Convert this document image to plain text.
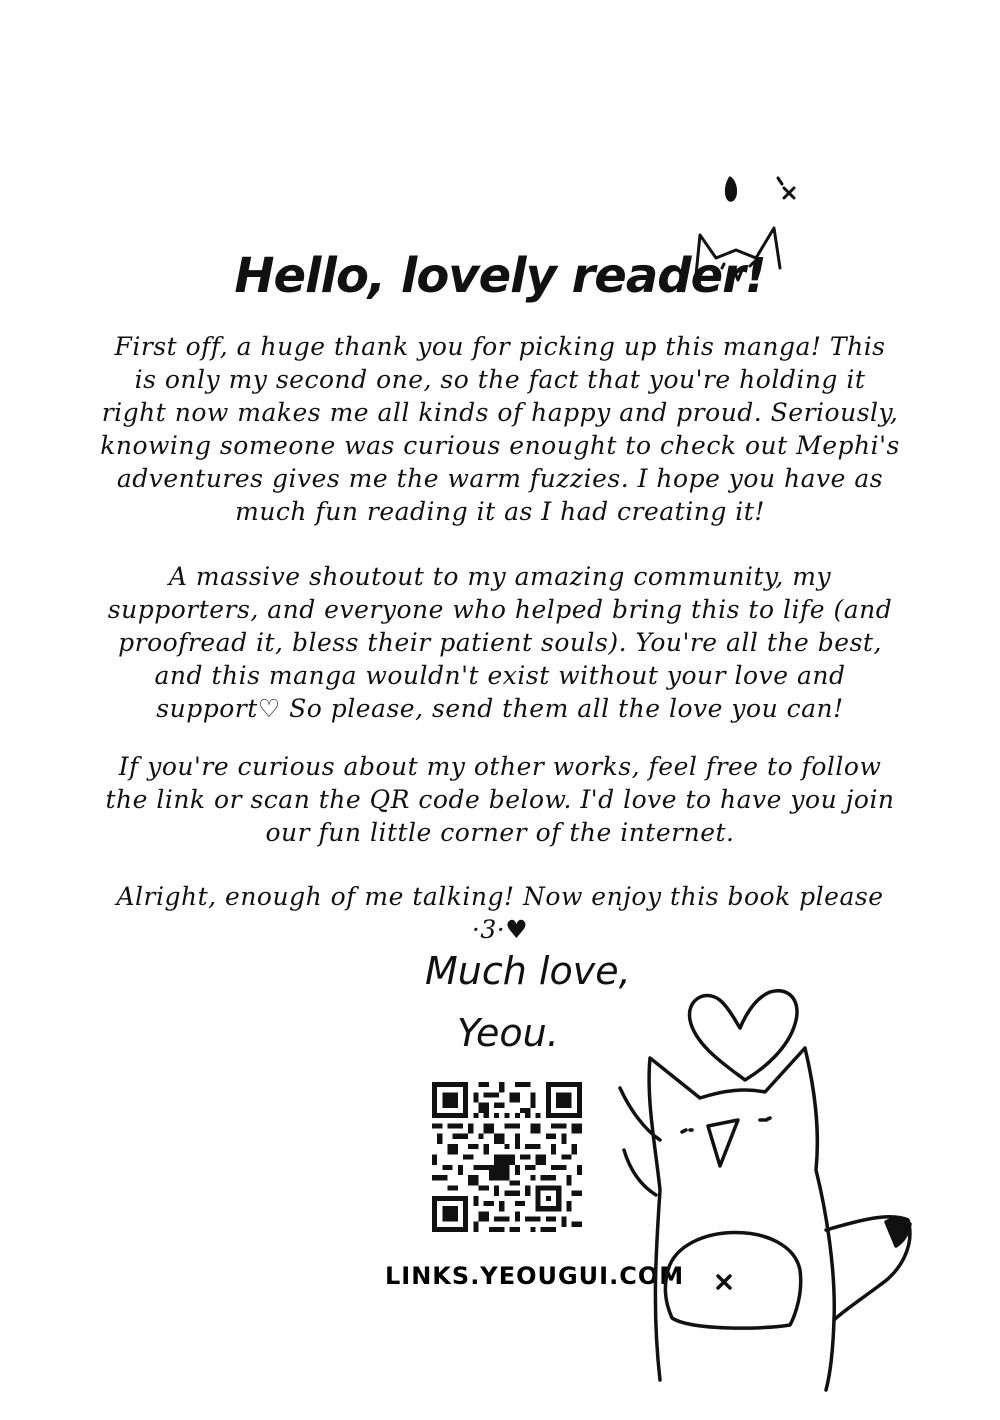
Hello, lovely reader!
First off, a huge thank you for picking up this manga! This is only my second one, so the fact that you're holding it right now makes me all kinds of happy and proud. Seriously, knowing someone was curious enought to check out Mephi's adventures gives me the warm fuzzies. I hope you have as much fun reading it as I had creating it!
A massive shoutout to my amazing community, my supporters, and everyone who helped bring this to life (and proofread it, bless their patient souls). You're all the best, and this manga wouldn't exist without your love and support♡ So please, send them all the love you can!
If you're curious about my other works, feel free to follow the link or scan the QR code below. I'd love to have you join our fun little corner of the internet.
Alright, enough of me talking! Now enjoy this book please ·3·♥
Much love,
Yeou.
LINKS.YEOUGUI.COM
